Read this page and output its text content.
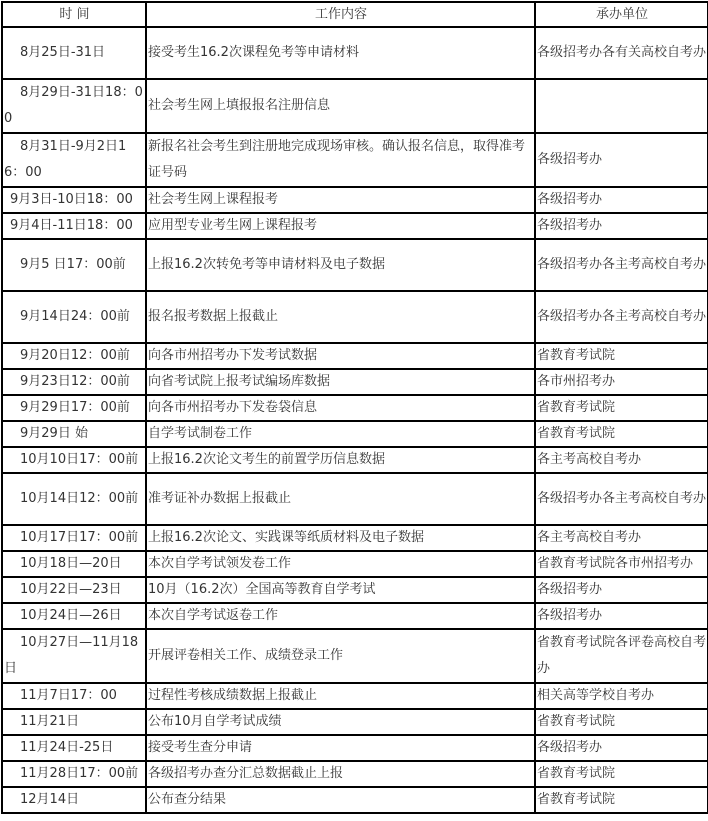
时 间	工作内容	承办单位
8月25日-31日	接受考生16.2次课程免考等申请材料	各级招考办各有关高校自考办
8月29日-31日18：00	社会考生网上填报报名注册信息	
8月31日-9月2日16：00	新报名社会考生到注册地完成现场审核。确认报名信息，取得准考证号码	各级招考办
9月3日-10日18：00	社会考生网上课程报考	各级招考办
9月4日-11日18：00	应用型专业考生网上课程报考	各级招考办
9月5 日17：00前	上报16.2次转免考等申请材料及电子数据	各级招考办各主考高校自考办
9月14日24：00前	报名报考数据上报截止	各级招考办各主考高校自考办
9月20日12：00前	向各市州招考办下发考试数据	省教育考试院
9月23日12：00前	向省考试院上报考试编场库数据	各市州招考办
9月29日17：00前	向各市州招考办下发卷袋信息	省教育考试院
9月29日 始	自学考试制卷工作	省教育考试院
10月10日17：00前	上报16.2次论文考生的前置学历信息数据	各主考高校自考办
10月14日12：00前	准考证补办数据上报截止	各级招考办各主考高校自考办
10月17日17：00前	上报16.2次论文、实践课等纸质材料及电子数据	各主考高校自考办
10月18日—20日	本次自学考试领发卷工作	省教育考试院各市州招考办
10月22日—23日	10月（16.2次）全国高等教育自学考试	各级招考办
10月24日—26日	本次自学考试返卷工作	各级招考办
10月27日—11月18日	开展评卷相关工作、成绩登录工作	省教育考试院各评卷高校自考办
11月7日17：00	过程性考核成绩数据上报截止	相关高等学校自考办
11月21日	公布10月自学考试成绩	省教育考试院
11月24日-25日	接受考生查分申请	各级招考办
11月28日17：00前	各级招考办查分汇总数据截止上报	省教育考试院
12月14日	公布查分结果	省教育考试院
